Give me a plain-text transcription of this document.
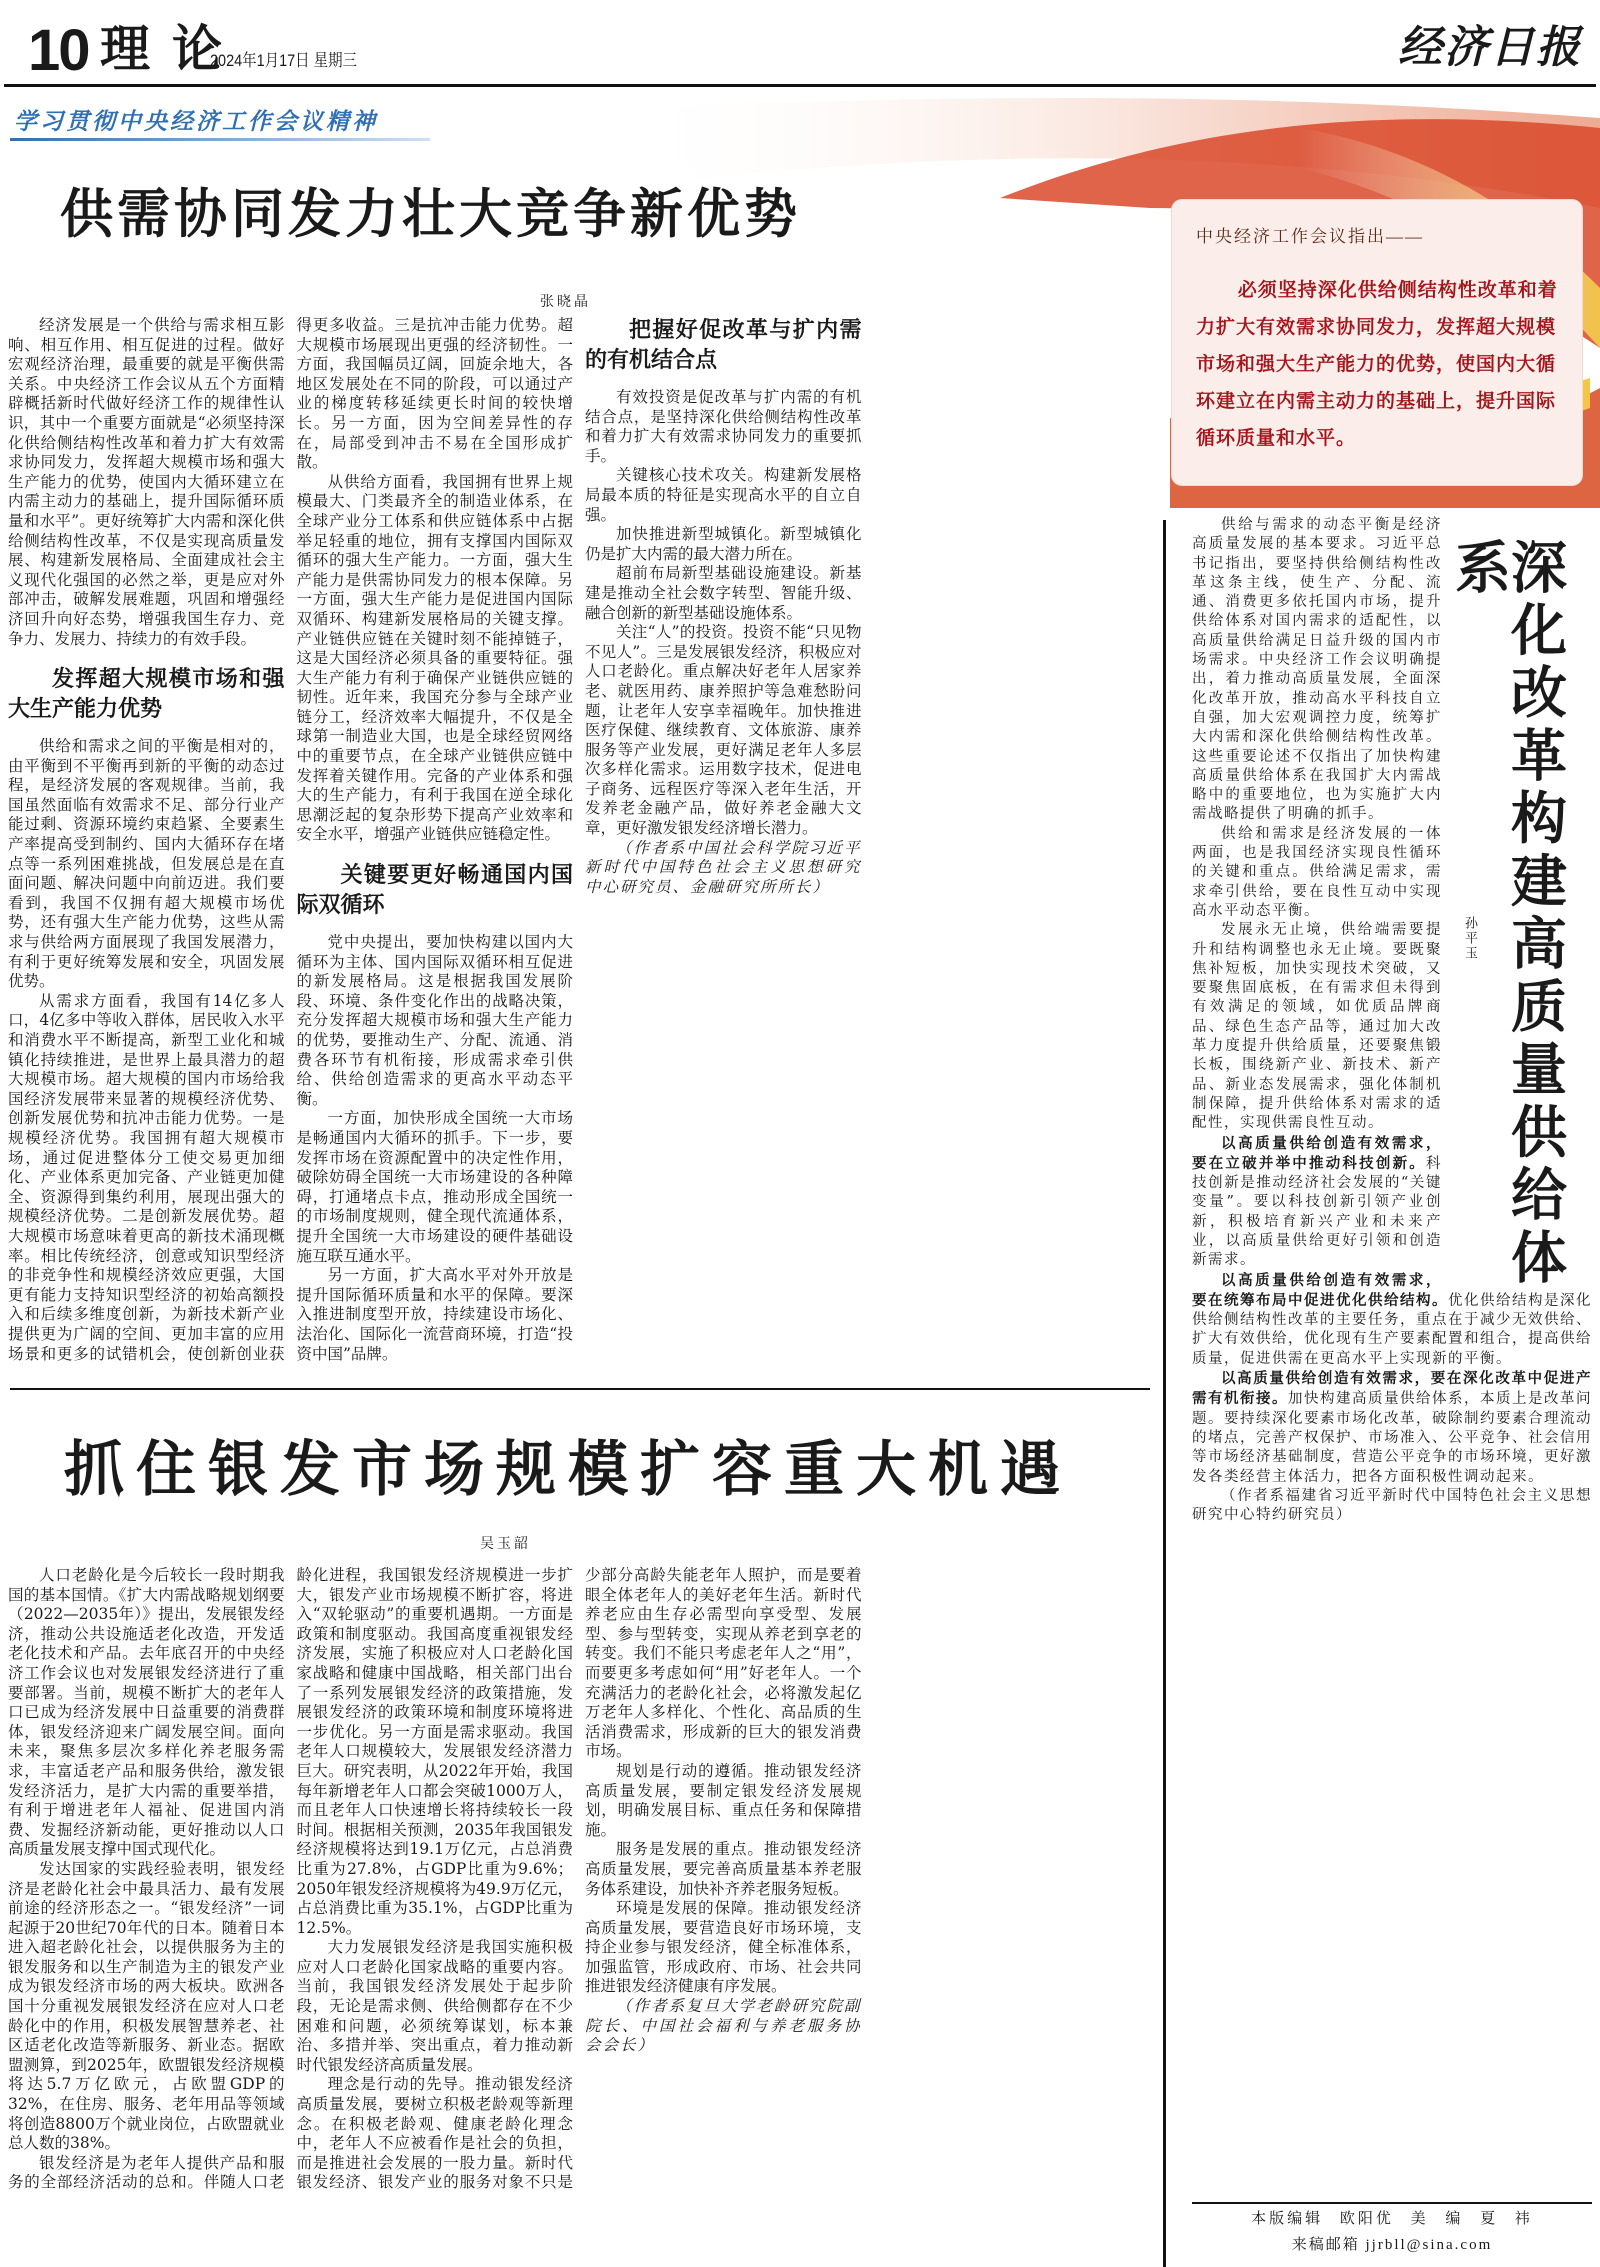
10 理论
2024年1月17日 星期三	经济日报
学习贯彻中央经济工作会议精神
中央经济工作会议指出——
必须坚持深化供给侧结构性改革和着力扩大有效需求协同发力，发挥超大规模市场和强大生产能力的优势，使国内大循环建立在内需主动力的基础上，提升国际循环质量和水平。
供需协同发力壮大竞争新优势
张晓晶

经济发展是一个供给与需求相互影响、相互作用、相互促进的过程。做好宏观经济治理，最重要的就是平衡供需关系。中央经济工作会议从五个方面精辟概括新时代做好经济工作的规律性认识，其中一个重要方面就是“必须坚持深化供给侧结构性改革和着力扩大有效需求协同发力，发挥超大规模市场和强大生产能力的优势，使国内大循环建立在内需主动力的基础上，提升国际循环质量和水平”。更好统筹扩大内需和深化供给侧结构性改革，不仅是实现高质量发展、构建新发展格局、全面建成社会主义现代化强国的必然之举，更是应对外部冲击，破解发展难题，巩固和增强经济回升向好态势，增强我国生存力、竞争力、发展力、持续力的有效手段。

发挥超大规模市场和强大生产能力优势

供给和需求之间的平衡是相对的，由平衡到不平衡再到新的平衡的动态过程，是经济发展的客观规律。当前，我国虽然面临有效需求不足、部分行业产能过剩、资源环境约束趋紧、全要素生产率提高受到制约、国内大循环存在堵点等一系列困难挑战，但发展总是在直面问题、解决问题中向前迈进。我们要看到，我国不仅拥有超大规模市场优势，还有强大生产能力优势，这些从需求与供给两方面展现了我国发展潜力，有利于更好统筹发展和安全，巩固发展优势。

从需求方面看，我国有14亿多人口，4亿多中等收入群体，居民收入水平和消费水平不断提高，新型工业化和城镇化持续推进，是世界上最具潜力的超大规模市场。超大规模的国内市场给我国经济发展带来显著的规模经济优势、创新发展优势和抗冲击能力优势。一是规模经济优势。我国拥有超大规模市场，通过促进整体分工使交易更加细化、产业体系更加完备、产业链更加健全、资源得到集约利用，展现出强大的规模经济优势。二是创新发展优势。超大规模市场意味着更高的新技术涌现概率。相比传统经济，创意或知识型经济的非竞争性和规模经济效应更强，大国更有能力支持知识型经济的初始高额投入和后续多维度创新，为新技术新产业提供更为广阔的空间、更加丰富的应用场景和更多的试错机会，使创新创业获得更多收益。三是抗冲击能力优势。超大规模市场展现出更强的经济韧性。一方面，我国幅员辽阔，回旋余地大，各地区发展处在不同的阶段，可以通过产业的梯度转移延续更长时间的较快增长。另一方面，因为空间差异性的存在，局部受到冲击不易在全国形成扩散。

从供给方面看，我国拥有世界上规模最大、门类最齐全的制造业体系，在全球产业分工体系和供应链体系中占据举足轻重的地位，拥有支撑国内国际双循环的强大生产能力。一方面，强大生产能力是供需协同发力的根本保障。另一方面，强大生产能力是促进国内国际双循环、构建新发展格局的关键支撑。产业链供应链在关键时刻不能掉链子，这是大国经济必须具备的重要特征。强大生产能力有利于确保产业链供应链的韧性。近年来，我国充分参与全球产业链分工，经济效率大幅提升，不仅是全球第一制造业大国，也是全球经贸网络中的重要节点，在全球产业链供应链中发挥着关键作用。完备的产业体系和强大的生产能力，有利于我国在逆全球化思潮泛起的复杂形势下提高产业效率和安全水平，增强产业链供应链稳定性。

关键要更好畅通国内国际双循环

党中央提出，要加快构建以国内大循环为主体、国内国际双循环相互促进的新发展格局。这是根据我国发展阶段、环境、条件变化作出的战略决策，充分发挥超大规模市场和强大生产能力的优势，要推动生产、分配、流通、消费各环节有机衔接，形成需求牵引供给、供给创造需求的更高水平动态平衡。

一方面，加快形成全国统一大市场是畅通国内大循环的抓手。下一步，要发挥市场在资源配置中的决定性作用，破除妨碍全国统一大市场建设的各种障碍，打通堵点卡点，推动形成全国统一的市场制度规则，健全现代流通体系，提升全国统一大市场建设的硬件基础设施互联互通水平。

另一方面，扩大高水平对外开放是提升国际循环质量和水平的保障。要深入推进制度型开放，持续建设市场化、法治化、国际化一流营商环境，打造“投资中国”品牌。

把握好促改革与扩内需的有机结合点

有效投资是促改革与扩内需的有机结合点，是坚持深化供给侧结构性改革和着力扩大有效需求协同发力的重要抓手。

关键核心技术攻关。构建新发展格局最本质的特征是实现高水平的自立自强。

加快推进新型城镇化。新型城镇化仍是扩大内需的最大潜力所在。

超前布局新型基础设施建设。新基建是推动全社会数字转型、智能升级、融合创新的新型基础设施体系。

关注“人”的投资。投资不能“只见物不见人”。三是发展银发经济，积极应对人口老龄化。重点解决好老年人居家养老、就医用药、康养照护等急难愁盼问题，让老年人安享幸福晚年。加快推进医疗保健、继续教育、文体旅游、康养服务等产业发展，更好满足老年人多层次多样化需求。运用数字技术，促进电子商务、远程医疗等深入老年生活，开发养老金融产品，做好养老金融大文章，更好激发银发经济增长潜力。

（作者系中国社会科学院习近平新时代中国特色社会主义思想研究中心研究员、金融研究所所长）

抓住银发市场规模扩容重大机遇
吴玉韶

人口老龄化是今后较长一段时期我国的基本国情。《扩大内需战略规划纲要（2022—2035年）》提出，发展银发经济，推动公共设施适老化改造，开发适老化技术和产品。去年底召开的中央经济工作会议也对发展银发经济进行了重要部署。当前，规模不断扩大的老年人口已成为经济发展中日益重要的消费群体，银发经济迎来广阔发展空间。面向未来，聚焦多层次多样化养老服务需求，丰富适老产品和服务供给，激发银发经济活力，是扩大内需的重要举措，有利于增进老年人福祉、促进国内消费、发掘经济新动能，更好推动以人口高质量发展支撑中国式现代化。

发达国家的实践经验表明，银发经济是老龄化社会中最具活力、最有发展前途的经济形态之一。“银发经济”一词起源于20世纪70年代的日本。随着日本进入超老龄化社会，以提供服务为主的银发服务和以生产制造为主的银发产业成为银发经济市场的两大板块。欧洲各国十分重视发展银发经济在应对人口老龄化中的作用，积极发展智慧养老、社区适老化改造等新服务、新业态。据欧盟测算，到2025年，欧盟银发经济规模将达5.7万亿欧元，占欧盟GDP的32%，在住房、服务、老年用品等领域将创造8800万个就业岗位，占欧盟就业总人数的38%。

银发经济是为老年人提供产品和服务的全部经济活动的总和。伴随人口老龄化进程，我国银发经济规模进一步扩大，银发产业市场规模不断扩容，将进入“双轮驱动”的重要机遇期。一方面是政策和制度驱动。我国高度重视银发经济发展，实施了积极应对人口老龄化国家战略和健康中国战略，相关部门出台了一系列发展银发经济的政策措施，发展银发经济的政策环境和制度环境将进一步优化。另一方面是需求驱动。我国老年人口规模较大，发展银发经济潜力巨大。研究表明，从2022年开始，我国每年新增老年人口都会突破1000万人，而且老年人口快速增长将持续较长一段时间。根据相关预测，2035年我国银发经济规模将达到19.1万亿元，占总消费比重为27.8%，占GDP比重为9.6%；2050年银发经济规模将为49.9万亿元，占总消费比重为35.1%，占GDP比重为12.5%。

大力发展银发经济是我国实施积极应对人口老龄化国家战略的重要内容。当前，我国银发经济发展处于起步阶段，无论是需求侧、供给侧都存在不少困难和问题，必须统筹谋划，标本兼治、多措并举、突出重点，着力推动新时代银发经济高质量发展。

理念是行动的先导。推动银发经济高质量发展，要树立积极老龄观等新理念。在积极老龄观、健康老龄化理念中，老年人不应被看作是社会的负担，而是推进社会发展的一股力量。新时代银发经济、银发产业的服务对象不只是少部分高龄失能老年人照护，而是要着眼全体老年人的美好老年生活。新时代养老应由生存必需型向享受型、发展型、参与型转变，实现从养老到享老的转变。我们不能只考虑老年人之“用”，而要更多考虑如何“用”好老年人。一个充满活力的老龄化社会，必将激发起亿万老年人多样化、个性化、高品质的生活消费需求，形成新的巨大的银发消费市场。

规划是行动的遵循。推动银发经济高质量发展，要制定银发经济发展规划，明确发展目标、重点任务和保障措施。

服务是发展的重点。推动银发经济高质量发展，要完善高质量基本养老服务体系建设，加快补齐养老服务短板。

环境是发展的保障。推动银发经济高质量发展，要营造良好市场环境，支持企业参与银发经济，健全标准体系，加强监管，形成政府、市场、社会共同推进银发经济健康有序发展。

（作者系复旦大学老龄研究院副院长、中国社会福利与养老服务协会会长）

深化改革构建高质量供给体系
孙平玉

供给与需求的动态平衡是经济高质量发展的基本要求。习近平总书记指出，要坚持供给侧结构性改革这条主线，使生产、分配、流通、消费更多依托国内市场，提升供给体系对国内需求的适配性，以高质量供给满足日益升级的国内市场需求。中央经济工作会议明确提出，着力推动高质量发展，全面深化改革开放，推动高水平科技自立自强，加大宏观调控力度，统筹扩大内需和深化供给侧结构性改革。这些重要论述不仅指出了加快构建高质量供给体系在我国扩大内需战略中的重要地位，也为实施扩大内需战略提供了明确的抓手。

供给和需求是经济发展的一体两面，也是我国经济实现良性循环的关键和重点。供给满足需求，需求牵引供给，要在良性互动中实现高水平动态平衡。

发展永无止境，供给端需要提升和结构调整也永无止境。要既聚焦补短板，加快实现技术突破，又要聚焦固底板，在有需求但未得到有效满足的领域，如优质品牌商品、绿色生态产品等，通过加大改革力度提升供给质量，还要聚焦锻长板，围绕新产业、新技术、新产品、新业态发展需求，强化体制机制保障，提升供给体系对需求的适配性，实现供需良性互动。

以高质量供给创造有效需求，要在立破并举中推动科技创新。科技创新是推动经济社会发展的“关键变量”。要以科技创新引领产业创新，积极培育新兴产业和未来产业，以高质量供给更好引领和创造新需求。

以高质量供给创造有效需求，要在统筹布局中促进优化供给结构。优化供给结构是深化供给侧结构性改革的主要任务，重点在于减少无效供给、扩大有效供给，优化现有生产要素配置和组合，提高供给质量，促进供需在更高水平上实现新的平衡。

以高质量供给创造有效需求，要在深化改革中促进产需有机衔接。加快构建高质量供给体系，本质上是改革问题。要持续深化要素市场化改革，破除制约要素合理流动的堵点，完善产权保护、市场准入、公平竞争、社会信用等市场经济基础制度，营造公平竞争的市场环境，更好激发各类经营主体活力，把各方面积极性调动起来。

（作者系福建省习近平新时代中国特色社会主义思想研究中心特约研究员）

本版编辑 欧阳优 美 编 夏 祎
来稿邮箱 jjrbll@sina.com
